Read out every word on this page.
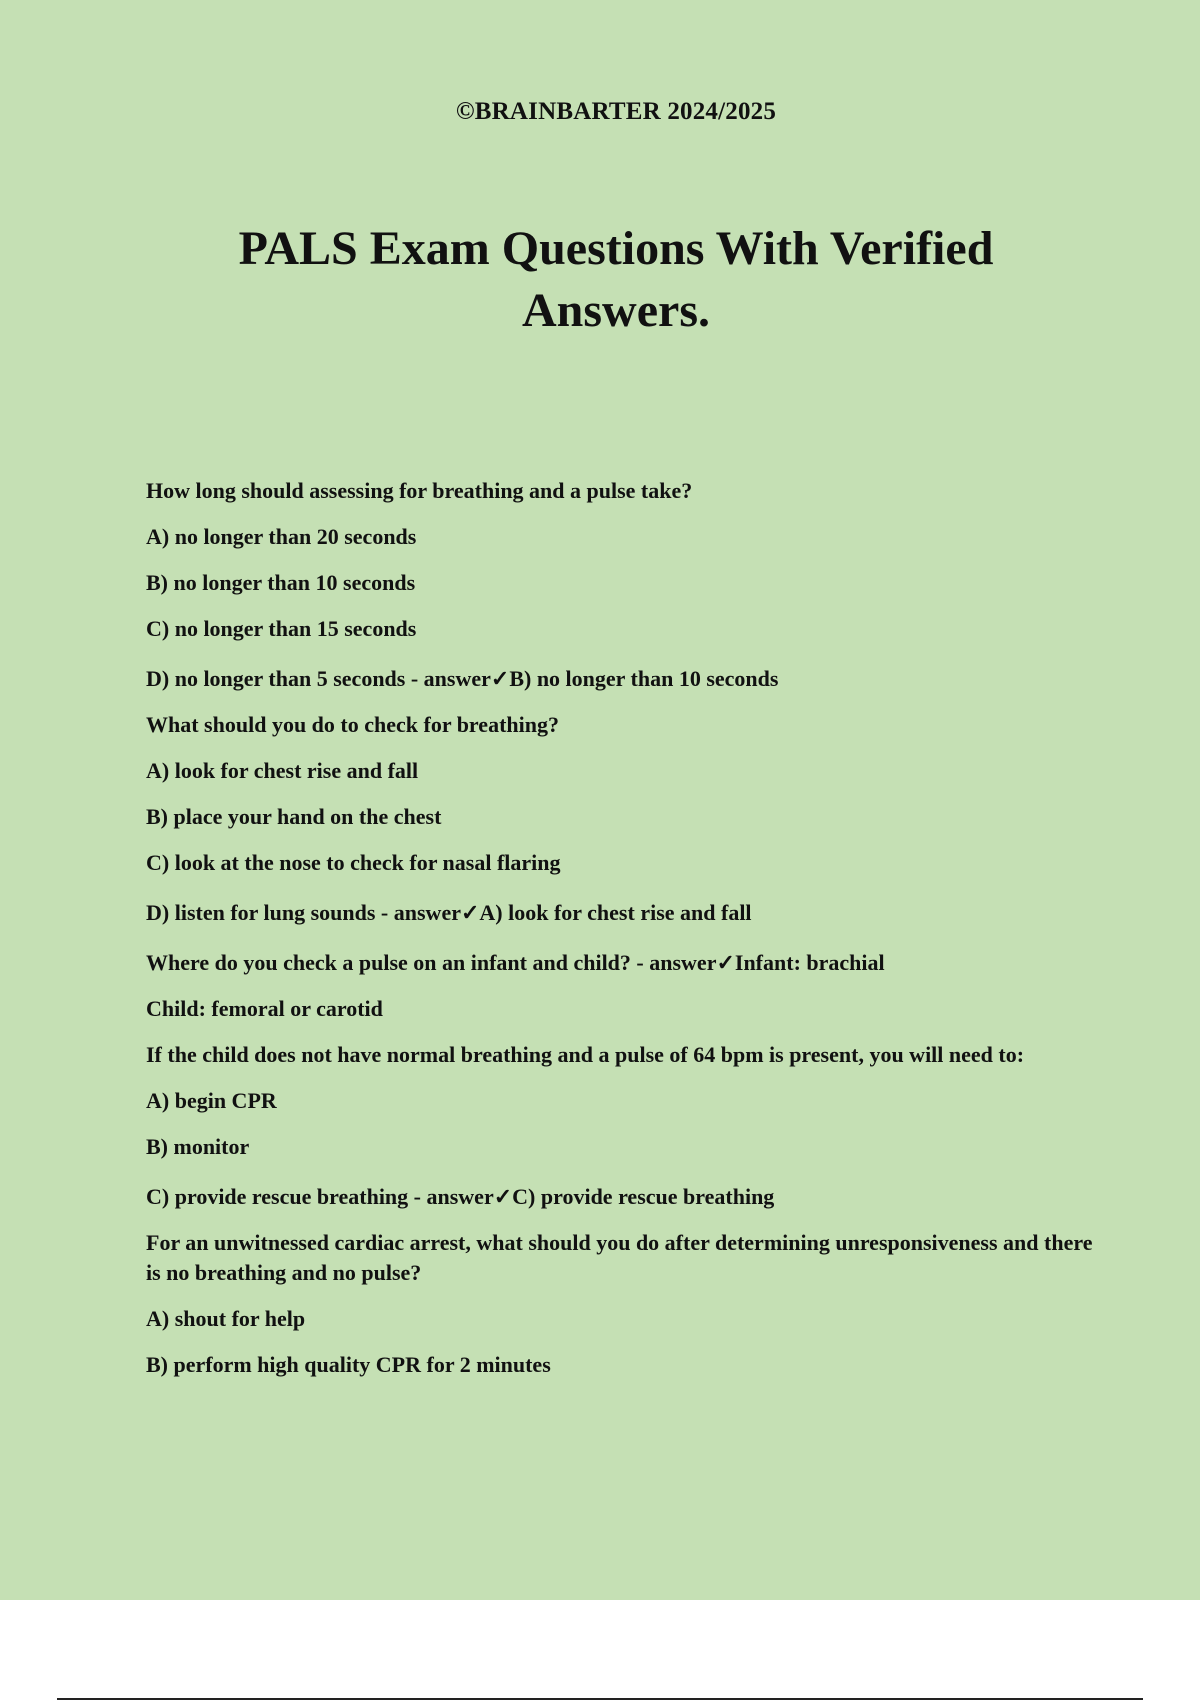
©BRAINBARTER 2024/2025
PALS Exam Questions With Verified Answers.

How long should assessing for breathing and a pulse take?

A) no longer than 20 seconds

B) no longer than 10 seconds

C) no longer than 15 seconds

D) no longer than 5 seconds - answer✓B) no longer than 10 seconds

What should you do to check for breathing?

A) look for chest rise and fall

B) place your hand on the chest

C) look at the nose to check for nasal flaring

D) listen for lung sounds - answer✓A) look for chest rise and fall

Where do you check a pulse on an infant and child? - answer✓Infant: brachial

Child: femoral or carotid

If the child does not have normal breathing and a pulse of 64 bpm is present, you will need to:

A) begin CPR

B) monitor

C) provide rescue breathing - answer✓C) provide rescue breathing

For an unwitnessed cardiac arrest, what should you do after determining unresponsiveness and there is no breathing and no pulse?

A) shout for help

B) perform high quality CPR for 2 minutes
